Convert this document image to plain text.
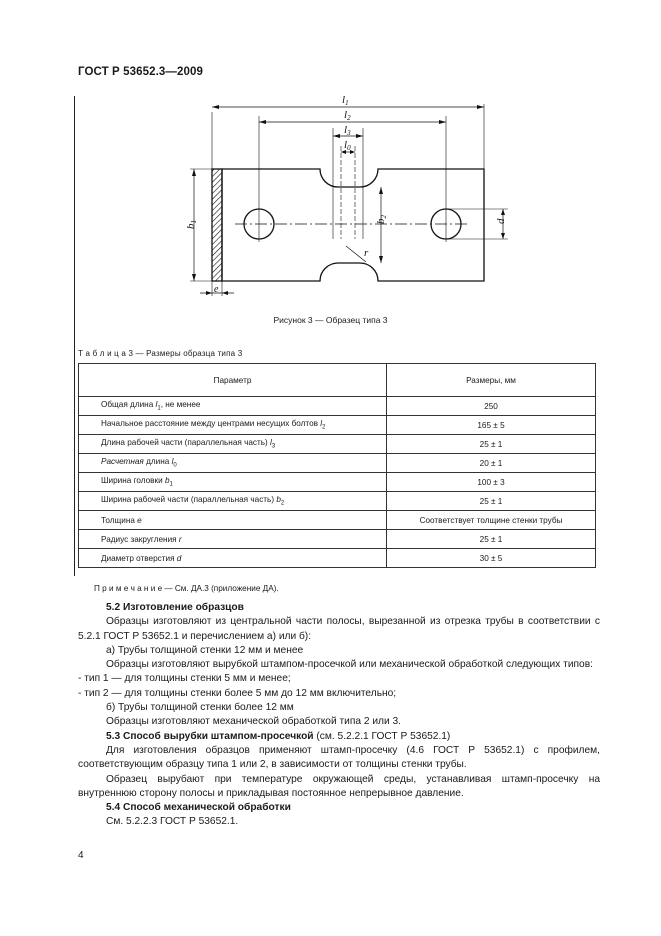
ГОСТ Р 53652.3—2009
l1
l2
l3
l0
b1	b2
d
r
e
Рисунок 3 — Образец типа 3
Т а б л и ц а 3 — Размеры образца типа 3
Параметр	Размеры, мм
Общая длина $l_1$, не менее	250
Начальное расстояние между центрами несущих болтов $l_2$	165 ± 5
Длина рабочей части (параллельная часть) $l_3$	25 ± 1
Расчетная длина $l_0$	20 ± 1
Ширина головки $b_1$	100 ± 3
Ширина рабочей части (параллельная часть) $b_2$	25 ± 1
Толщина e	Соответствует толщине стенки трубы
Радиус закругления r	25 ± 1
Диаметр отверстия d	30 ± 5
П р и м е ч а н и е — См. ДА.3 (приложение ДА).

5.2 Изготовление образцов

Образцы изготовляют из центральной части полосы, вырезанной из отрезка трубы в соответствии с 5.2.1 ГОСТ Р 53652.1 и перечислением а) или б):

а) Трубы толщиной стенки 12 мм и менее

Образцы изготовляют вырубкой штампом-просечкой или механической обработкой следующих типов:

- тип 1 — для толщины стенки 5 мм и менее;

- тип 2 — для толщины стенки более 5 мм до 12 мм включительно;

б) Трубы толщиной стенки более 12 мм

Образцы изготовляют механической обработкой типа 2 или 3.

5.3 Способ вырубки штампом-просечкой (см. 5.2.2.1 ГОСТ Р 53652.1)

Для изготовления образцов применяют штамп-просечку (4.6 ГОСТ Р 53652.1) с профилем, соответствующим образцу типа 1 или 2, в зависимости от толщины стенки трубы.

Образец вырубают при температуре окружающей среды, устанавливая штамп-просечку на внутреннюю сторону полосы и прикладывая постоянное непрерывное давление.

5.4 Способ механической обработки

См. 5.2.2.3 ГОСТ Р 53652.1.

4
